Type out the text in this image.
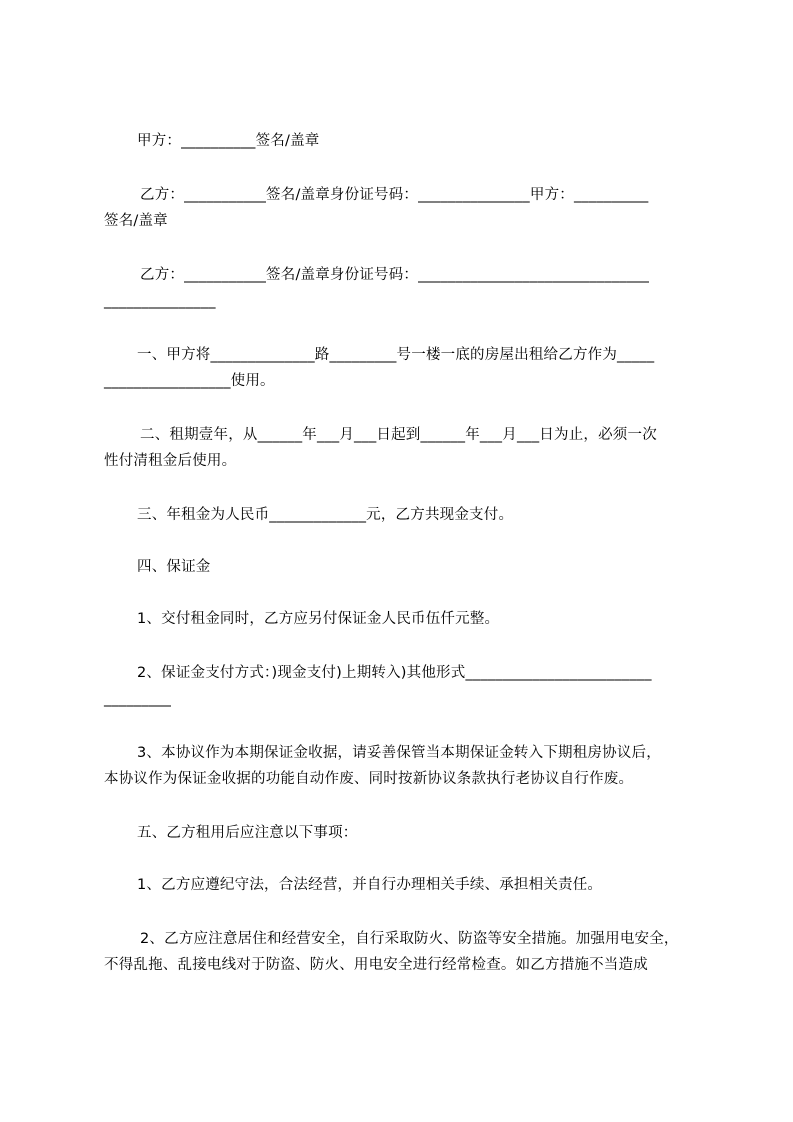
甲方：__________签名/盖章
乙方：___________签名/盖章身份证号码：_______________甲方：__________
签名/盖章
乙方：___________签名/盖章身份证号码：_______________________________
_______________
一、甲方将______________路_________号一楼一底的房屋出租给乙方作为_____
_________________使用。
二、租期壹年，从______年___月___日起到______年___月___日为止，必须一次
性付清租金后使用。
三、年租金为人民币_____________元，乙方共现金支付。
四、保证金
1、交付租金同时，乙方应另付保证金人民币伍仟元整。
2、保证金支付方式：)现金支付)上期转入)其他形式_________________________
_________
3、本协议作为本期保证金收据，请妥善保管当本期保证金转入下期租房协议后，
本协议作为保证金收据的功能自动作废、同时按新协议条款执行老协议自行作废。
五、乙方租用后应注意以下事项：
1、乙方应遵纪守法，合法经营，并自行办理相关手续、承担相关责任。
2、乙方应注意居住和经营安全，自行采取防火、防盗等安全措施。加强用电安全，
不得乱拖、乱接电线对于防盗、防火、用电安全进行经常检查。如乙方措施不当造成
